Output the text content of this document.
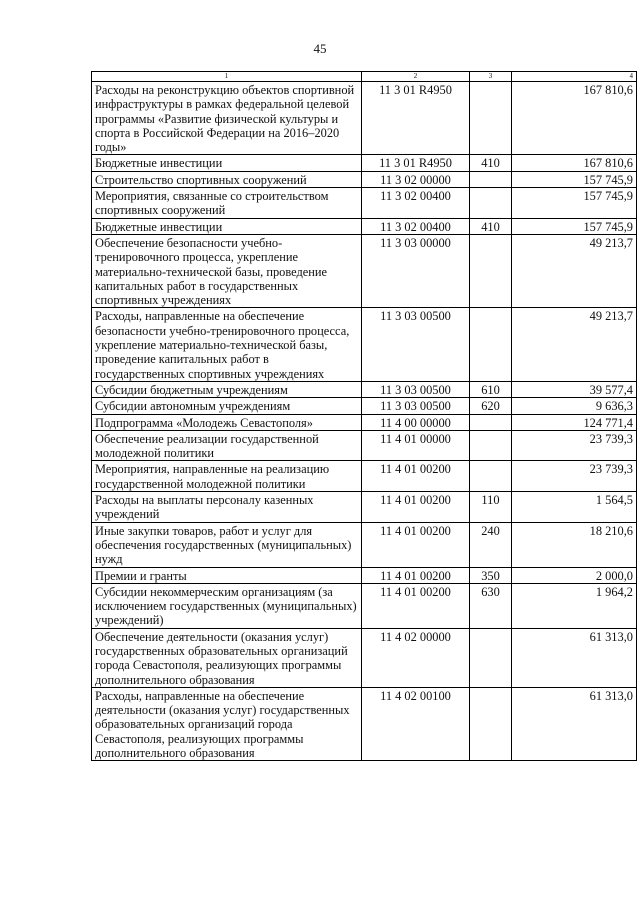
45
1	2	3	4
Расходы на реконструкцию объектов спортивной инфраструктуры в рамках федеральной целевой программы «Развитие физической культуры и спорта в Российской Федерации на 2016–2020 годы»	11 3 01 R4950		167 810,6
Бюджетные инвестиции	11 3 01 R4950	410	167 810,6
Строительство спортивных сооружений	11 3 02 00000		157 745,9
Мероприятия, связанные со строительством спортивных сооружений	11 3 02 00400		157 745,9
Бюджетные инвестиции	11 3 02 00400	410	157 745,9
Обеспечение безопасности учебно-тренировочного процесса, укрепление материально-технической базы, проведение капитальных работ в государственных спортивных учреждениях	11 3 03 00000		49 213,7
Расходы, направленные на обеспечение безопасности учебно-тренировочного процесса, укрепление материально-технической базы, проведение капитальных работ в государственных спортивных учреждениях	11 3 03 00500		49 213,7
Субсидии бюджетным учреждениям	11 3 03 00500	610	39 577,4
Субсидии автономным учреждениям	11 3 03 00500	620	9 636,3
Подпрограмма «Молодежь Севастополя»	11 4 00 00000		124 771,4
Обеспечение реализации государственной молодежной политики	11 4 01 00000		23 739,3
Мероприятия, направленные на реализацию государственной молодежной политики	11 4 01 00200		23 739,3
Расходы на выплаты персоналу казенных учреждений	11 4 01 00200	110	1 564,5
Иные закупки товаров, работ и услуг для обеспечения государственных (муниципальных) нужд	11 4 01 00200	240	18 210,6
Премии и гранты	11 4 01 00200	350	2 000,0
Субсидии некоммерческим организациям (за исключением государственных (муниципальных) учреждений)	11 4 01 00200	630	1 964,2
Обеспечение деятельности (оказания услуг) государственных образовательных организаций города Севастополя, реализующих программы дополнительного образования	11 4 02 00000		61 313,0
Расходы, направленные на обеспечение деятельности (оказания услуг) государственных образовательных организаций города Севастополя, реализующих программы дополнительного образования	11 4 02 00100		61 313,0
